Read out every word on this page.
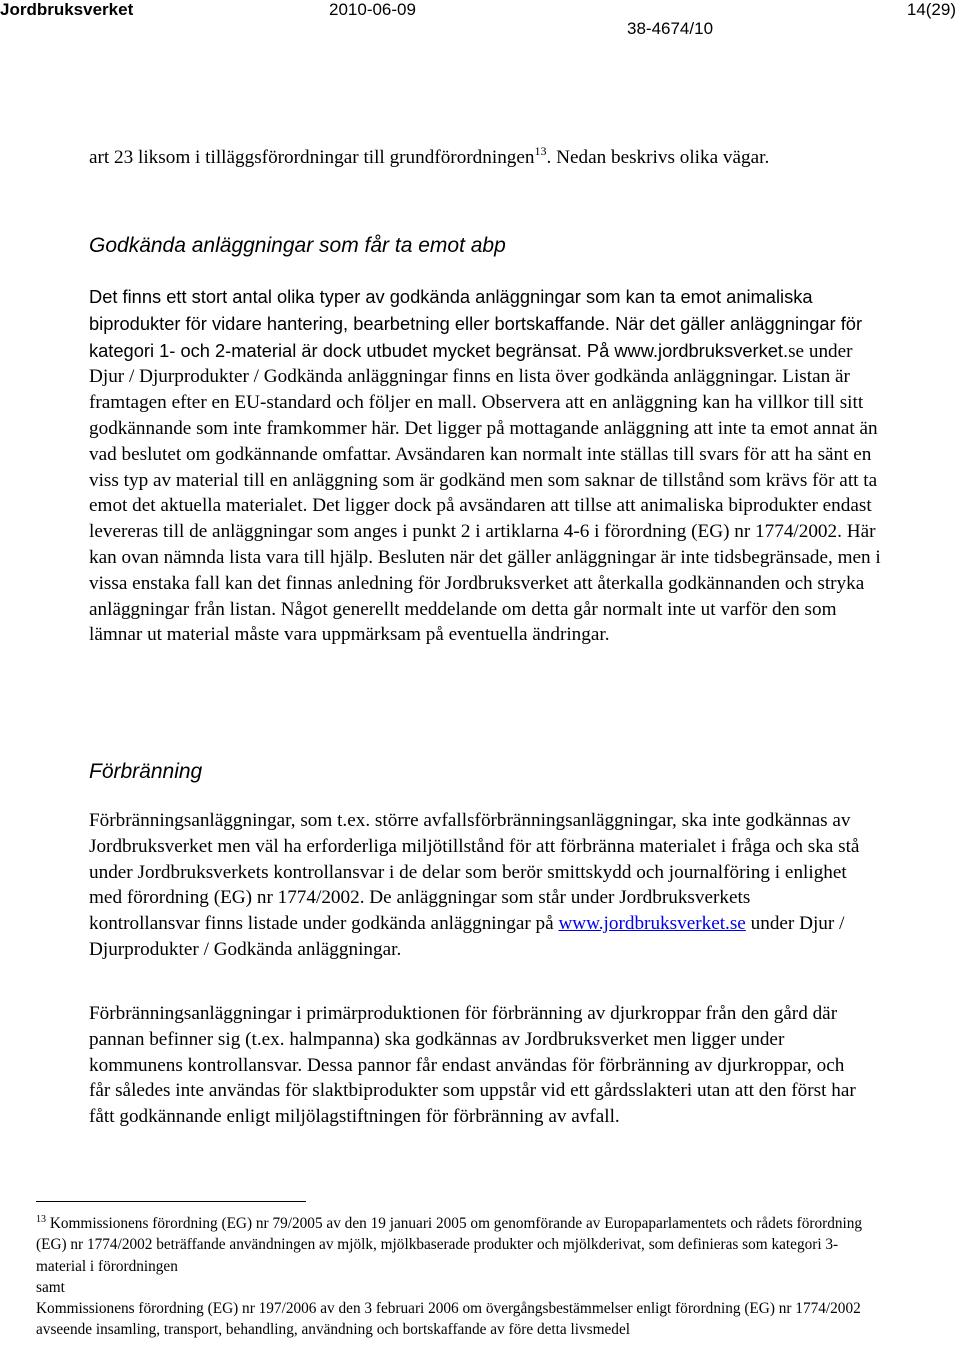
Jordbruksverket	2010-06-09	14(29)
38-4674/10

art 23 liksom i tilläggsförordningar till grundförordningen$^{13}$. Nedan beskrivs olika vägar.

Godkända anläggningar som får ta emot abp

Det finns ett stort antal olika typer av godkända anläggningar som kan ta emot animaliska biprodukter för vidare hantering, bearbetning eller bortskaffande. När det gäller anläggningar för kategori 1- och 2-material är dock utbudet mycket begränsat. På www.jordbruksverket.se under Djur / Djurprodukter / Godkända anläggningar finns en lista över godkända anläggningar. Listan är framtagen efter en EU-standard och följer en mall. Observera att en anläggning kan ha villkor till sitt godkännande som inte framkommer här. Det ligger på mottagande anläggning att inte ta emot annat än vad beslutet om godkännande omfattar. Avsändaren kan normalt inte ställas till svars för att ha sänt en viss typ av material till en anläggning som är godkänd men som saknar de tillstånd som krävs för att ta emot det aktuella materialet. Det ligger dock på avsändaren att tillse att animaliska biprodukter endast levereras till de anläggningar som anges i punkt 2 i artiklarna 4-6 i förordning (EG) nr 1774/2002. Här kan ovan nämnda lista vara till hjälp. Besluten när det gäller anläggningar är inte tidsbegränsade, men i vissa enstaka fall kan det finnas anledning för Jordbruksverket att återkalla godkännanden och stryka anläggningar från listan. Något generellt meddelande om detta går normalt inte ut varför den som lämnar ut material måste vara uppmärksam på eventuella ändringar.

Förbränning

Förbränningsanläggningar, som t.ex. större avfallsförbränningsanläggningar, ska inte godkännas av Jordbruksverket men väl ha erforderliga miljötillstånd för att förbränna materialet i fråga och ska stå under Jordbruksverkets kontrollansvar i de delar som berör smittskydd och journalföring i enlighet med förordning (EG) nr 1774/2002. De anläggningar som står under Jordbruksverkets kontrollansvar finns listade under godkända anläggningar på www.jordbruksverket.se under Djur / Djurprodukter / Godkända anläggningar.

Förbränningsanläggningar i primärproduktionen för förbränning av djurkroppar från den gård där pannan befinner sig (t.ex. halmpanna) ska godkännas av Jordbruksverket men ligger under kommunens kontrollansvar. Dessa pannor får endast användas för förbränning av djurkroppar, och får således inte användas för slaktbiprodukter som uppstår vid ett gårdsslakteri utan att den först har fått godkännande enligt miljölagstiftningen för förbränning av avfall.

$^{13}$ Kommissionens förordning (EG) nr 79/2005 av den 19 januari 2005 om genomförande av Europaparlamentets och rådets förordning (EG) nr 1774/2002 beträffande användningen av mjölk, mjölkbaserade produkter och mjölkderivat, som definieras som kategori 3-material i förordningen

samt

Kommissionens förordning (EG) nr 197/2006 av den 3 februari 2006 om övergångsbestämmelser enligt förordning (EG) nr 1774/2002 avseende insamling, transport, behandling, användning och bortskaffande av före detta livsmedel
